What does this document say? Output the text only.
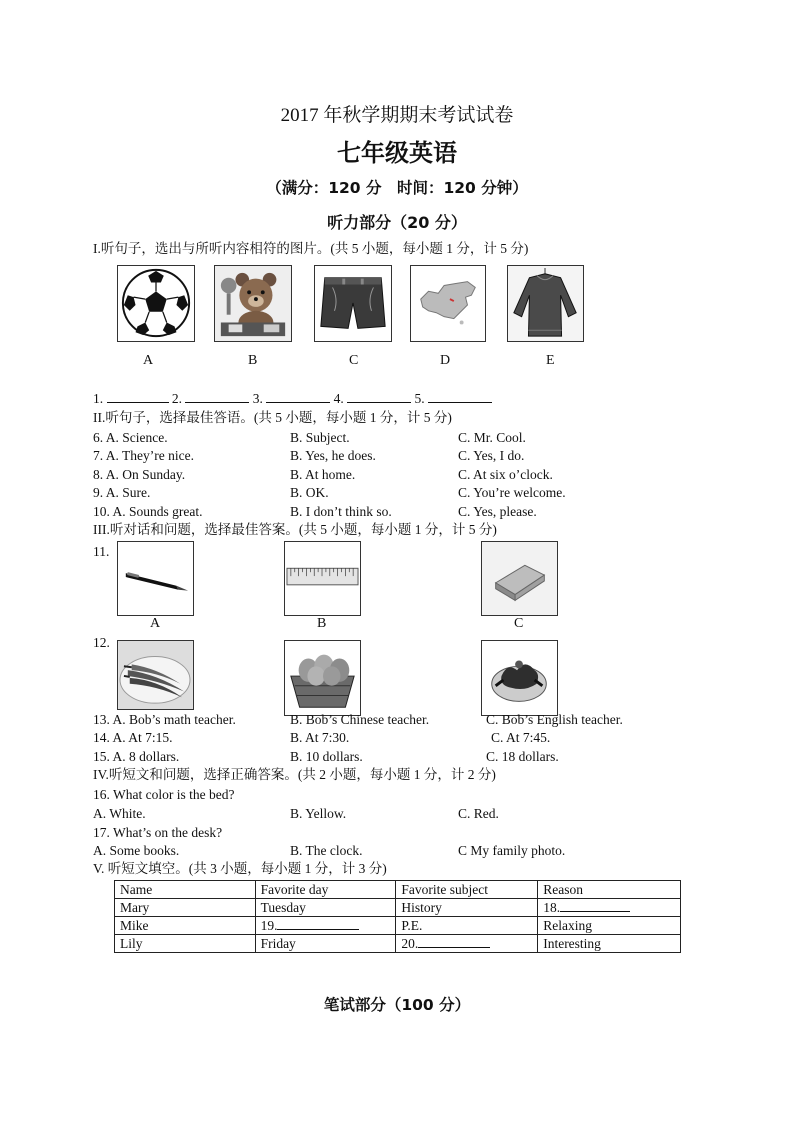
2017 年秋学期期末考试试卷
七年级英语
（满分：120 分　时间：120 分钟）
听力部分（20 分）
I.听句子，选出与所听内容相符的图片。(共 5 小题，每小题 1 分，计 5 分)
A	B	C	D	E
1.	2.	3.	4.	5.
II.听句子，选择最佳答语。(共 5 小题，每小题 1 分，计 5 分)
6. A. Science.	B. Subject.	C. Mr. Cool.
7. A. They’re nice.	B. Yes, he does.	C. Yes, I do.
8. A. On Sunday.	B. At home.	C. At six o’clock.
9. A. Sure.	B. OK.	C. You’re welcome.
10. A. Sounds great.	B. I don’t think so.	C. Yes, please.
III.听对话和问题，选择最佳答案。(共 5 小题，每小题 1 分，计 5 分)
11.
A	B	C
12.
13. A. Bob’s math teacher.	B. Bob’s Chinese teacher.	C. Bob’s English teacher.
14. A. At 7:15.	B. At 7:30.	C. At 7:45.
15. A. 8 dollars.	B. 10 dollars.	C. 18 dollars.
IV.听短文和问题，选择正确答案。(共 2 小题，每小题 1 分，计 2 分)
16. What color is the bed?
A. White.	B. Yellow.	C. Red.
17. What’s on the desk?
A. Some books.	B. The clock.	C My family photo.
V. 听短文填空。(共 3 小题，每小题 1 分，计 3 分)
Name	Favorite day	Favorite subject	Reason
Mary	Tuesday	History	18.
Mike	19.	P.E.	Relaxing
Lily	Friday	20.	Interesting
笔试部分（100 分）
